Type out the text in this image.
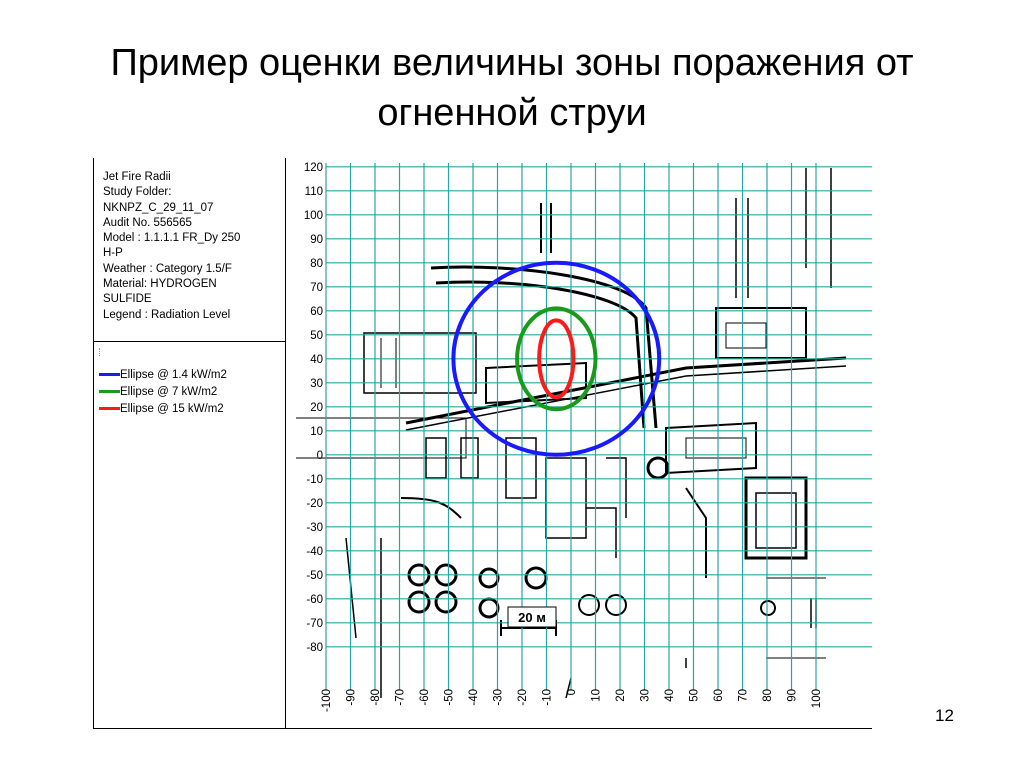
Пример оценки величины зоны поражения от огненной струи
Jet Fire Radii
Study Folder:
NKNPZ_C_29_11_07
Audit No. 556565
Model : 1.1.1.1 FR_Dy 250
H-P
Weather : Category 1.5/F
Material: HYDROGEN
SULFIDE
Legend : Radiation Level
Ellipse @ 1.4 kW/m2
Ellipse @ 7 kW/m2
Ellipse @ 15 kW/m2
120
110
100
90
80
70
60
50
40
30
20
10
0
-10
-20
-30
-40
-50
-60
-70
-80
-100 -90 -80 -70 -60 -50 -40 -30 -20 -10 0 10 20 30 40 50 60 70 80 90 100
20 м
12
